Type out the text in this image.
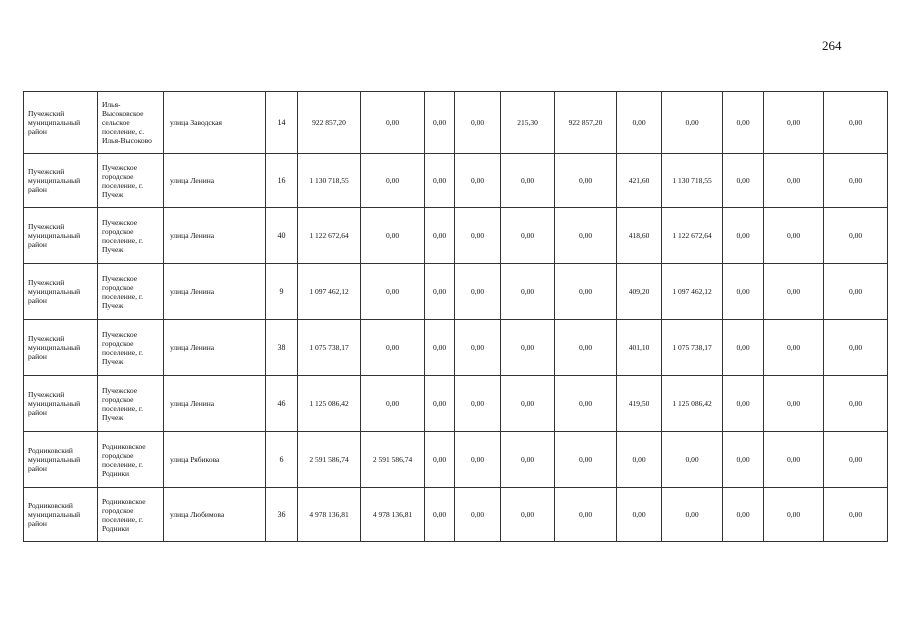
264
Пучежский муниципальный район	Илья-Высоковское сельское поселение, с. Илья-Высоково	улица Заводская	14	922 857,20	0,00	0,00	0,00	215,30	922 857,20	0,00	0,00	0,00	0,00	0,00
Пучежский муниципальный район	Пучежское городское поселение, г. Пучеж	улица Ленина	16	1 130 718,55	0,00	0,00	0,00	0,00	0,00	421,60	1 130 718,55	0,00	0,00	0,00
Пучежский муниципальный район	Пучежское городское поселение, г. Пучеж	улица Ленина	40	1 122 672,64	0,00	0,00	0,00	0,00	0,00	418,60	1 122 672,64	0,00	0,00	0,00
Пучежский муниципальный район	Пучежское городское поселение, г. Пучеж	улица Ленина	9	1 097 462,12	0,00	0,00	0,00	0,00	0,00	409,20	1 097 462,12	0,00	0,00	0,00
Пучежский муниципальный район	Пучежское городское поселение, г. Пучеж	улица Ленина	38	1 075 738,17	0,00	0,00	0,00	0,00	0,00	401,10	1 075 738,17	0,00	0,00	0,00
Пучежский муниципальный район	Пучежское городское поселение, г. Пучеж	улица Ленина	46	1 125 086,42	0,00	0,00	0,00	0,00	0,00	419,50	1 125 086,42	0,00	0,00	0,00
Родниковский муниципальный район	Родниковское городское поселение, г. Родники	улица Рябикова	6	2 591 586,74	2 591 586,74	0,00	0,00	0,00	0,00	0,00	0,00	0,00	0,00	0,00
Родниковский муниципальный район	Родниковское городское поселение, г. Родники	улица Любимова	36	4 978 136,81	4 978 136,81	0,00	0,00	0,00	0,00	0,00	0,00	0,00	0,00	0,00
